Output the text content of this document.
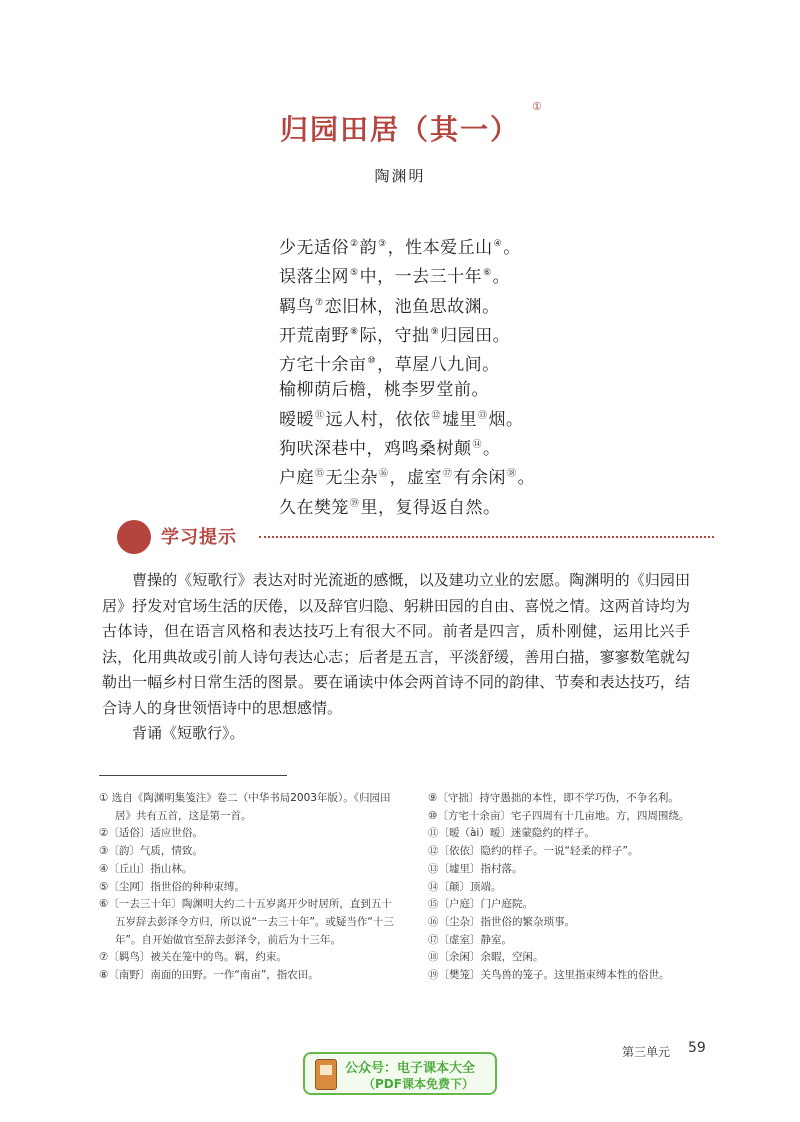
归园田居（其一）
①
陶渊明
少无适俗②韵③，性本爱丘山④。
误落尘网⑤中，一去三十年⑥。
羁鸟⑦恋旧林，池鱼思故渊。
开荒南野⑧际，守拙⑨归园田。
方宅十余亩⑩，草屋八九间。
榆柳荫后檐，桃李罗堂前。
暧暧⑪远人村，依依⑫墟里⑬烟。
狗吠深巷中，鸡鸣桑树颠⑭。
户庭⑮无尘杂⑯，虚室⑰有余闲⑱。
久在樊笼⑲里，复得返自然。
学习提示

曹操的《短歌行》表达对时光流逝的感慨，以及建功立业的宏愿。陶渊明的《归园田居》抒发对官场生活的厌倦，以及辞官归隐、躬耕田园的自由、喜悦之情。这两首诗均为古体诗，但在语言风格和表达技巧上有很大不同。前者是四言，质朴刚健，运用比兴手法，化用典故或引前人诗句表达心志；后者是五言，平淡舒缓，善用白描，寥寥数笔就勾勒出一幅乡村日常生活的图景。要在诵读中体会两首诗不同的韵律、节奏和表达技巧，结合诗人的身世领悟诗中的思想感情。

背诵《短歌行》。

① 选自《陶渊明集笺注》卷二（中华书局2003年版）。《归园田居》共有五首，这是第一首。
②〔适俗〕适应世俗。
③〔韵〕气质，情致。
④〔丘山〕指山林。
⑤〔尘网〕指世俗的种种束缚。
⑥〔一去三十年〕陶渊明大约二十五岁离开少时居所，直到五十五岁辞去彭泽令方归，所以说“一去三十年”。或疑当作“十三年”。自开始做官至辞去彭泽令，前后为十三年。
⑦〔羁鸟〕被关在笼中的鸟。羁，约束。
⑧〔南野〕南面的田野。一作“南亩”，指农田。
⑨〔守拙〕持守愚拙的本性，即不学巧伪，不争名利。
⑩〔方宅十余亩〕宅子四周有十几亩地。方，四周围绕。
⑪〔暧（ài）暧〕迷蒙隐约的样子。
⑫〔依依〕隐约的样子。一说“轻柔的样子”。
⑬〔墟里〕指村落。
⑭〔颠〕顶端。
⑮〔户庭〕门户庭院。
⑯〔尘杂〕指世俗的繁杂琐事。
⑰〔虚室〕静室。
⑱〔余闲〕余暇，空闲。
⑲〔樊笼〕关鸟兽的笼子。这里指束缚本性的俗世。
第三单元 59
公众号：电子课本大全
（PDF课本免费下）
